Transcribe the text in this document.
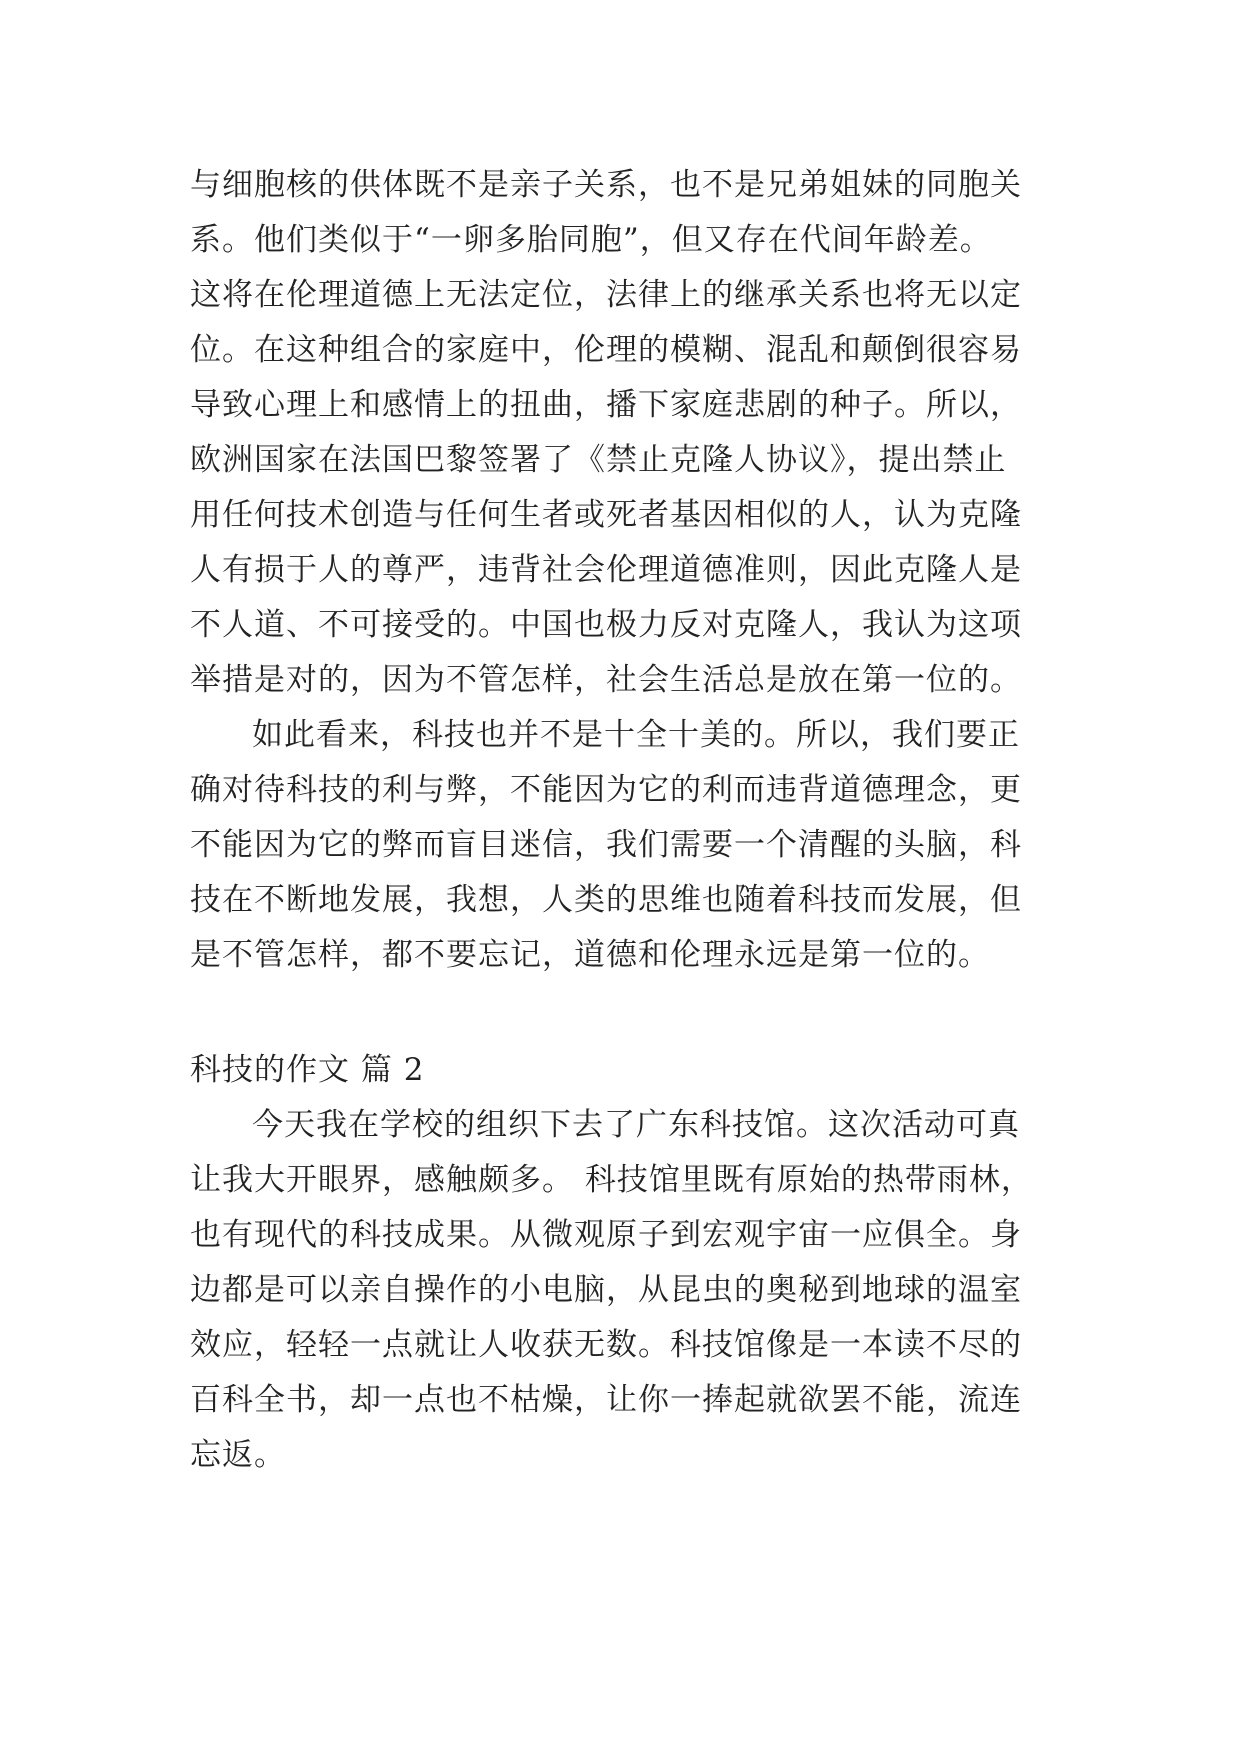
与细胞核的供体既不是亲子关系，也不是兄弟姐妹的同胞关
系。他们类似于“一卵多胎同胞”，但又存在代间年龄差。
这将在伦理道德上无法定位，法律上的继承关系也将无以定
位。在这种组合的家庭中，伦理的模糊、混乱和颠倒很容易
导致心理上和感情上的扭曲，播下家庭悲剧的种子。所以，
欧洲国家在法国巴黎签署了《禁止克隆人协议》，提出禁止
用任何技术创造与任何生者或死者基因相似的人，认为克隆
人有损于人的尊严，违背社会伦理道德准则，因此克隆人是
不人道、不可接受的。中国也极力反对克隆人，我认为这项
举措是对的，因为不管怎样，社会生活总是放在第一位的。
如此看来，科技也并不是十全十美的。所以，我们要正
确对待科技的利与弊，不能因为它的利而违背道德理念，更
不能因为它的弊而盲目迷信，我们需要一个清醒的头脑，科
技在不断地发展，我想，人类的思维也随着科技而发展，但
是不管怎样，都不要忘记，道德和伦理永远是第一位的。
科技的作文 篇 2
今天我在学校的组织下去了广东科技馆。这次活动可真
让我大开眼界，感触颇多。 科技馆里既有原始的热带雨林，
也有现代的科技成果。从微观原子到宏观宇宙一应俱全。身
边都是可以亲自操作的小电脑，从昆虫的奥秘到地球的温室
效应，轻轻一点就让人收获无数。科技馆像是一本读不尽的
百科全书，却一点也不枯燥，让你一捧起就欲罢不能，流连
忘返。
